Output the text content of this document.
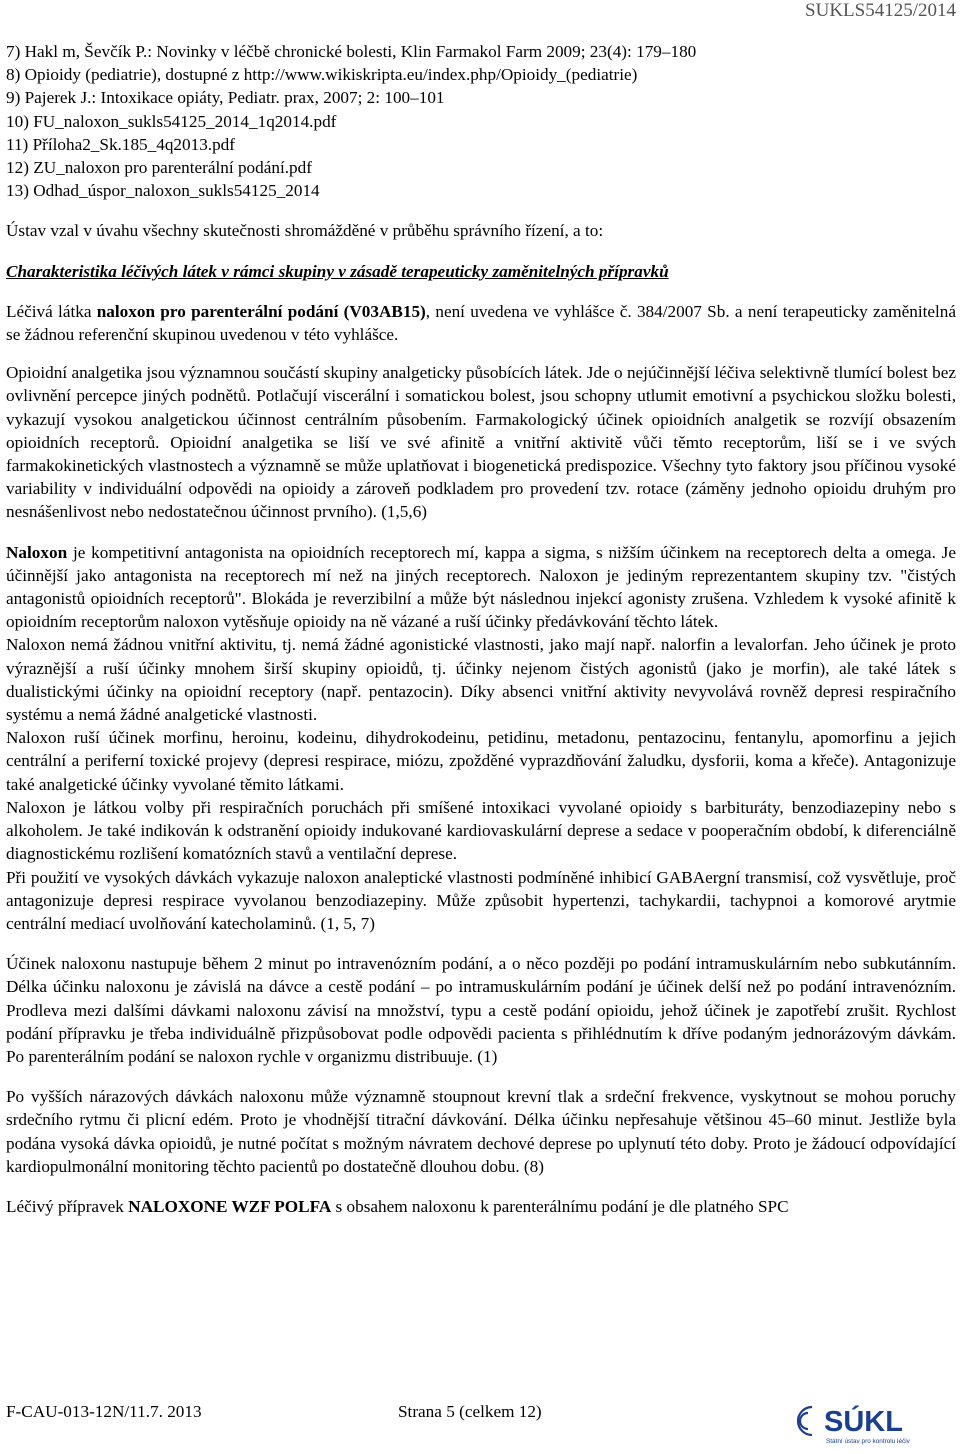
SUKLS54125/2014

7) Hakl m, Ševčík P.: Novinky v léčbě chronické bolesti, Klin Farmakol Farm 2009; 23(4): 179–180

8) Opioidy (pediatrie), dostupné z http://www.wikiskripta.eu/index.php/Opioidy_(pediatrie)

9) Pajerek J.: Intoxikace opiáty, Pediatr. prax, 2007; 2: 100–101

10) FU_naloxon_sukls54125_2014_1q2014.pdf

11) Příloha2_Sk.185_4q2013.pdf

12) ZU_naloxon pro parenterální podání.pdf

13) Odhad_úspor_naloxon_sukls54125_2014

Ústav vzal v úvahu všechny skutečnosti shromážděné v průběhu správního řízení, a to:

Charakteristika léčivých látek v rámci skupiny v zásadě terapeuticky zaměnitelných přípravků

Léčivá látka naloxon pro parenterální podání (V03AB15), není uvedena ve vyhlášce č. 384/2007 Sb. a není terapeuticky zaměnitelná se žádnou referenční skupinou uvedenou v této vyhlášce.

Opioidní analgetika jsou významnou součástí skupiny analgeticky působících látek. Jde o nejúčinnější léčiva selektivně tlumící bolest bez ovlivnění percepce jiných podnětů. Potlačují viscerální i somatickou bolest, jsou schopny utlumit emotivní a psychickou složku bolesti, vykazují vysokou analgetickou účinnost centrálním působením. Farmakologický účinek opioidních analgetik se rozvíjí obsazením opioidních receptorů. Opioidní analgetika se liší ve své afinitě a vnitřní aktivitě vůči těmto receptorům, liší se i ve svých farmakokinetických vlastnostech a významně se může uplatňovat i biogenetická predispozice. Všechny tyto faktory jsou příčinou vysoké variability v individuální odpovědi na opioidy a zároveň podkladem pro provedení tzv. rotace (záměny jednoho opioidu druhým pro nesnášenlivost nebo nedostatečnou účinnost prvního). (1,5,6)

Naloxon je kompetitivní antagonista na opioidních receptorech mí, kappa a sigma, s nižším účinkem na receptorech delta a omega. Je účinnější jako antagonista na receptorech mí než na jiných receptorech. Naloxon je jediným reprezentantem skupiny tzv. "čistých antagonistů opioidních receptorů". Blokáda je reverzibilní a může být následnou injekcí agonisty zrušena. Vzhledem k vysoké afinitě k opioidním receptorům naloxon vytěsňuje opioidy na ně vázané a ruší účinky předávkování těchto látek.

Naloxon nemá žádnou vnitřní aktivitu, tj. nemá žádné agonistické vlastnosti, jako mají např. nalorfin a levalorfan. Jeho účinek je proto výraznější a ruší účinky mnohem širší skupiny opioidů, tj. účinky nejenom čistých agonistů (jako je morfin), ale také látek s dualistickými účinky na opioidní receptory (např. pentazocin). Díky absenci vnitřní aktivity nevyvolává rovněž depresi respiračního systému a nemá žádné analgetické vlastnosti.

Naloxon ruší účinek morfinu, heroinu, kodeinu, dihydrokodeinu, petidinu, metadonu, pentazocinu, fentanylu, apomorfinu a jejich centrální a periferní toxické projevy (depresi respirace, miózu, zpožděné vyprazdňování žaludku, dysforii, koma a křeče). Antagonizuje také analgetické účinky vyvolané těmito látkami.

Naloxon je látkou volby při respiračních poruchách při smíšené intoxikaci vyvolané opioidy s barbituráty, benzodiazepiny nebo s alkoholem. Je také indikován k odstranění opioidy indukované kardiovaskulární deprese a sedace v pooperačním období, k diferenciálně diagnostickému rozlišení komatózních stavů a ventilační deprese.

Při použití ve vysokých dávkách vykazuje naloxon analeptické vlastnosti podmíněné inhibicí GABAergní transmisí, což vysvětluje, proč antagonizuje depresi respirace vyvolanou benzodiazepiny. Může způsobit hypertenzi, tachykardii, tachypnoi a komorové arytmie centrální mediací uvolňování katecholaminů. (1, 5, 7)

Účinek naloxonu nastupuje během 2 minut po intravenózním podání, a o něco později po podání intramuskulárním nebo subkutánním. Délka účinku naloxonu je závislá na dávce a cestě podání – po intramuskulárním podání je účinek delší než po podání intravenózním. Prodleva mezi dalšími dávkami naloxonu závisí na množství, typu a cestě podání opioidu, jehož účinek je zapotřebí zrušit. Rychlost podání přípravku je třeba individuálně přizpůsobovat podle odpovědi pacienta s přihlédnutím k dříve podaným jednorázovým dávkám. Po parenterálním podání se naloxon rychle v organizmu distribuuje. (1)

Po vyšších nárazových dávkách naloxonu může významně stoupnout krevní tlak a srdeční frekvence, vyskytnout se mohou poruchy srdečního rytmu či plicní edém. Proto je vhodnější titrační dávkování. Délka účinku nepřesahuje většinou 45–60 minut. Jestliže byla podána vysoká dávka opioidů, je nutné počítat s možným návratem dechové deprese po uplynutí této doby. Proto je žádoucí odpovídající kardiopulmonální monitoring těchto pacientů po dostatečně dlouhou dobu. (8)

Léčivý přípravek NALOXONE WZF POLFA s obsahem naloxonu k parenterálnímu podání je dle platného SPC

F-CAU-013-12N/11.7. 2013	Strana 5 (celkem 12)	SÚKL
Státní ústav pro kontrolu léčiv
